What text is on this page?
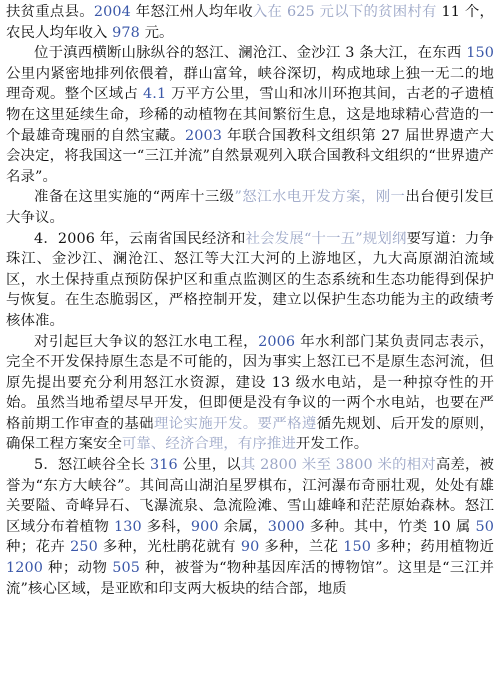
扶贫重点县。2004 年怒江州人均年收入在 625 元以下的贫困村有 11 个，农民人均年收入 978 元。

位于滇西横断山脉纵谷的怒江、澜沧江、金沙江 3 条大江，在东西 150 公里内紧密地排列依偎着，群山富耸，峡谷深切，构成地球上独一无二的地理奇观。整个区域占 4.1 万平方公里，雪山和冰川环抱其间，古老的孑遗植物在这里延续生命，珍稀的动植物在其间繁衍生息，这是地球精心营造的一个最雄奇瑰丽的自然宝藏。2003 年联合国教科文组织第 27 届世界遗产大会决定，将我国这一“三江并流”自然景观列入联合国教科文组织的“世界遗产名录”。

准备在这里实施的“两库十三级”怒江水电开发方案，刚一出台便引发巨大争议。

4．2006 年，云南省国民经济和社会发展“十一五”规划纲要写道：力争珠江、金沙江、澜沧江、怒江等大江大河的上游地区，九大高原湖泊流域区，水土保持重点预防保护区和重点监测区的生态系统和生态功能得到保护与恢复。在生态脆弱区，严格控制开发，建立以保护生态功能为主的政绩考核体准。

对引起巨大争议的怒江水电工程，2006 年水利部门某负责同志表示，完全不开发保持原生态是不可能的，因为事实上怒江已不是原生态河流，但原先提出要充分利用怒江水资源，建设 13 级水电站，是一种掠夺性的开始。虽然当地希望尽早开发，但即便是没有争议的一两个水电站，也要在严格前期工作审查的基础理论实施开发。要严格遵循先规划、后开发的原则，确保工程方案安全可靠、经济合理，有序推进开发工作。

5．怒江峡谷全长 316 公里，以其 2800 米至 3800 米的相对高差，被誉为“东方大峡谷”。其间高山湖泊星罗棋布，江河瀑布奇丽壮观，处处有雄关要隘、奇峰异石、飞瀑流泉、急流险滩、雪山雄峰和茫茫原始森林。怒江区域分布着植物 130 多科，900 余属，3000 多种。其中，竹类 10 属 50 种；花卉 250 多种，光杜鹃花就有 90 多种，兰花 150 多种；药用植物近 1200 种；动物 505 种，被誉为“物种基因库活的博物馆”。这里是“三江并流”核心区域，是亚欧和印支两大板块的结合部，地质
